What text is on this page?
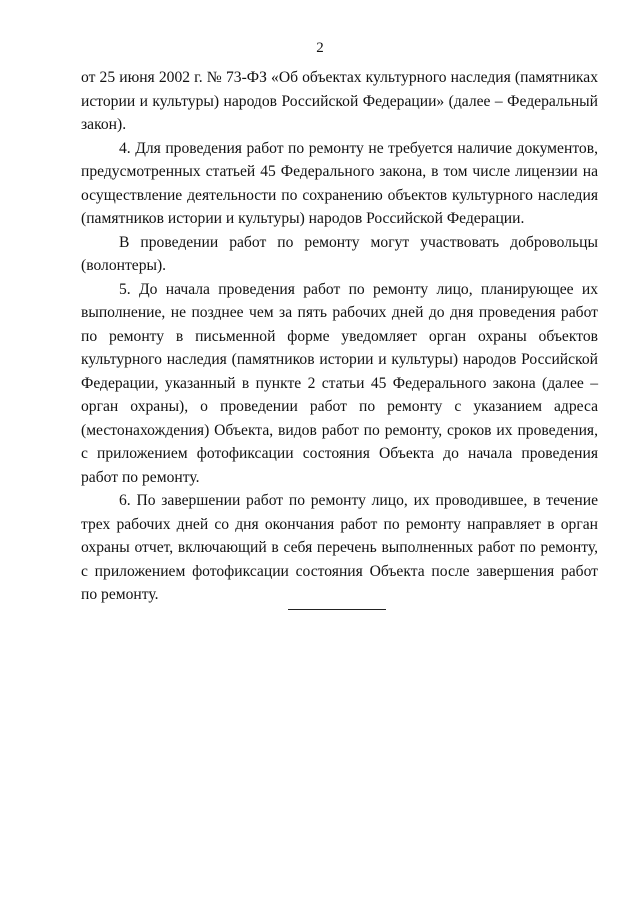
2

от 25 июня 2002 г. № 73-ФЗ «Об объектах культурного наследия (памятниках истории и культуры) народов Российской Федерации» (далее – Федеральный закон).

4. Для проведения работ по ремонту не требуется наличие документов, предусмотренных статьей 45 Федерального закона, в том числе лицензии на осуществление деятельности по сохранению объектов культурного наследия (памятников истории и культуры) народов Российской Федерации.

В проведении работ по ремонту могут участвовать добровольцы (волонтеры).

5. До начала проведения работ по ремонту лицо, планирующее их выполнение, не позднее чем за пять рабочих дней до дня проведения работ по ремонту в письменной форме уведомляет орган охраны объектов культурного наследия (памятников истории и культуры) народов Российской Федерации, указанный в пункте 2 статьи 45 Федерального закона (далее – орган охраны), о проведении работ по ремонту с указанием адреса (местонахождения) Объекта, видов работ по ремонту, сроков их проведения, с приложением фотофиксации состояния Объекта до начала проведения работ по ремонту.

6. По завершении работ по ремонту лицо, их проводившее, в течение трех рабочих дней со дня окончания работ по ремонту направляет в орган охраны отчет, включающий в себя перечень выполненных работ по ремонту, с приложением фотофиксации состояния Объекта после завершения работ по ремонту.
